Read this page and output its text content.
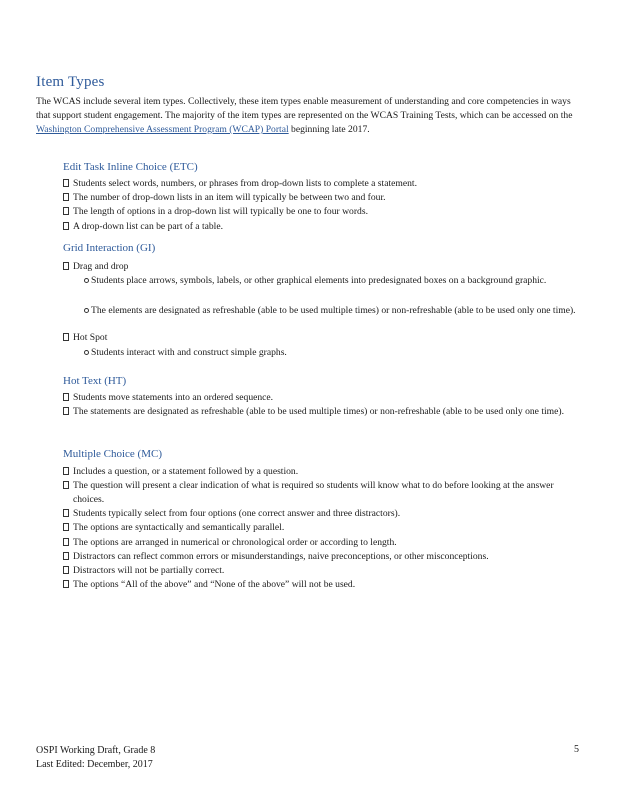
Item Types

The WCAS include several item types. Collectively, these item types enable measurement of understanding and core competencies in ways that support student engagement. The majority of the item types are represented on the WCAS Training Tests, which can be accessed on the Washington Comprehensive Assessment Program (WCAP) Portal beginning late 2017.

Edit Task Inline Choice (ETC)
Students select words, numbers, or phrases from drop-down lists to complete a statement.
The number of drop-down lists in an item will typically be between two and four.
The length of options in a drop-down list will typically be one to four words.
A drop-down list can be part of a table.
Grid Interaction (GI)
Drag and drop
Students place arrows, symbols, labels, or other graphical elements into predesignated boxes on a background graphic.
The elements are designated as refreshable (able to be used multiple times) or non-refreshable (able to be used only one time).
Hot Spot
Students interact with and construct simple graphs.
Hot Text (HT)
Students move statements into an ordered sequence.
The statements are designated as refreshable (able to be used multiple times) or non-refreshable (able to be used only one time).
Multiple Choice (MC)
Includes a question, or a statement followed by a question.
The question will present a clear indication of what is required so students will know what to do before looking at the answer choices.
Students typically select from four options (one correct answer and three distractors).
The options are syntactically and semantically parallel.
The options are arranged in numerical or chronological order or according to length.
Distractors can reflect common errors or misunderstandings, naive preconceptions, or other misconceptions.
Distractors will not be partially correct.
The options “All of the above” and “None of the above” will not be used.
OSPI Working Draft, Grade 8
Last Edited: December, 2017
5
